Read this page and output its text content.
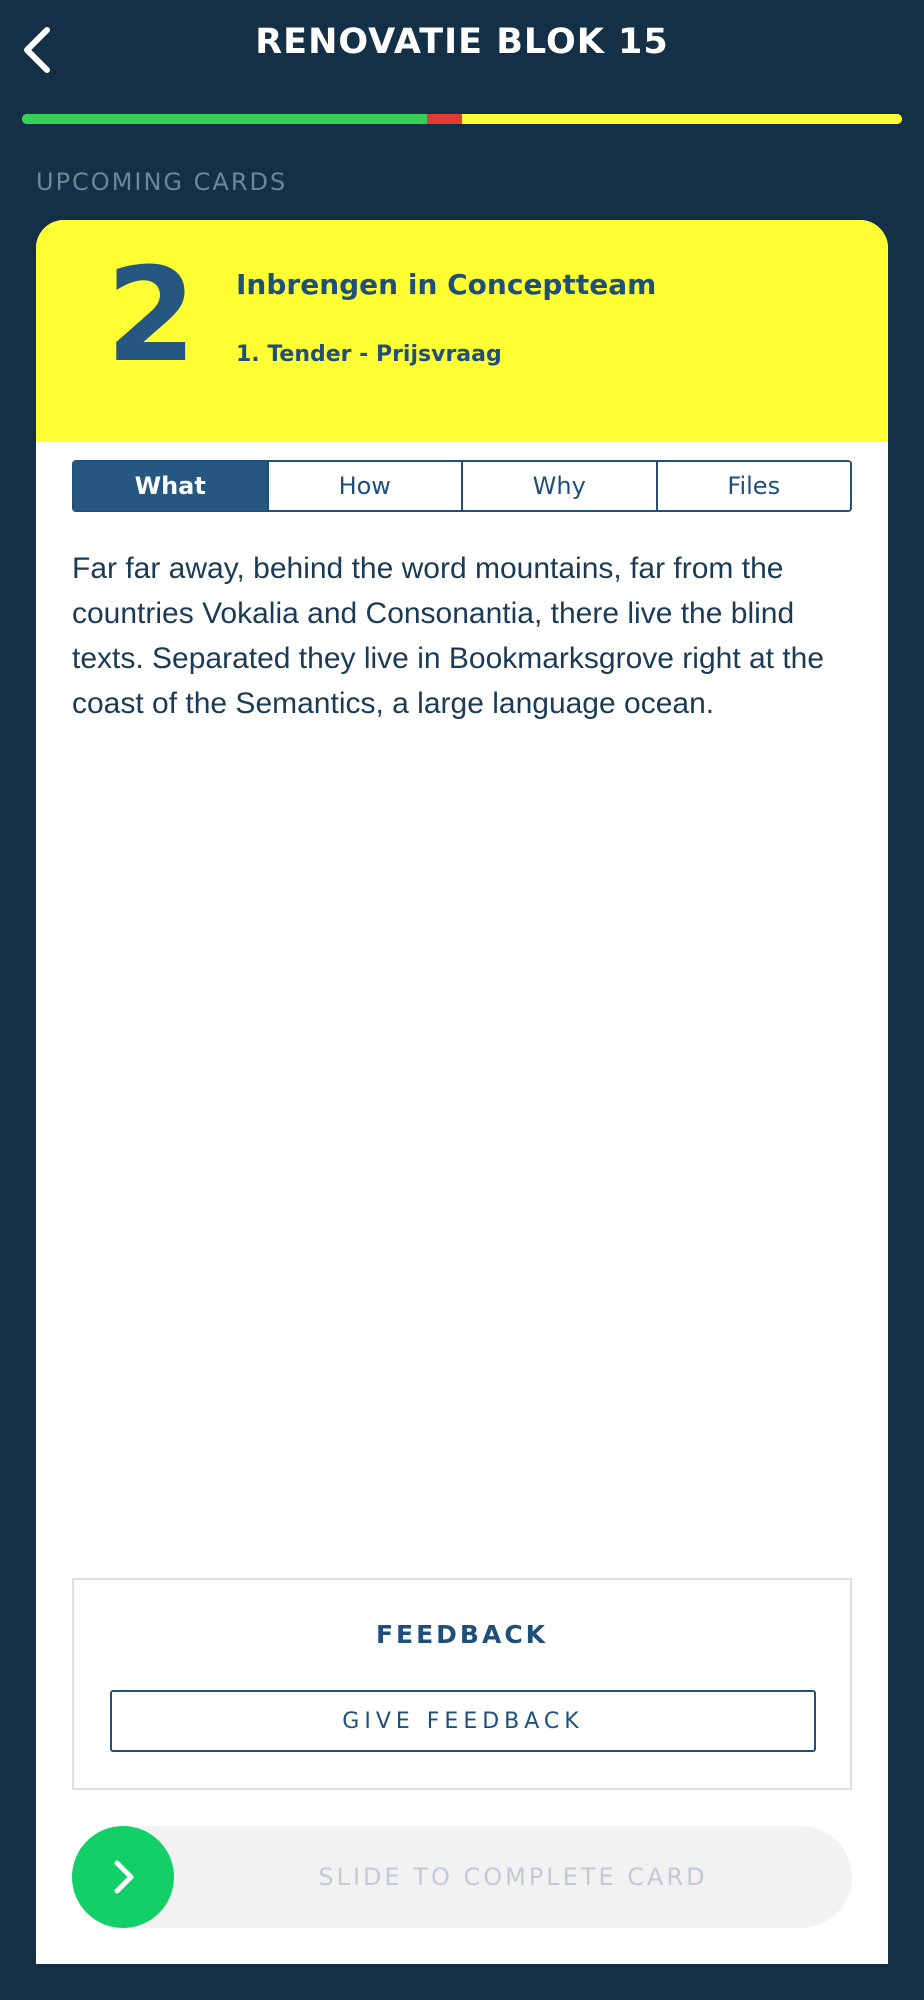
RENOVATIE BLOK 15
UPCOMING CARDS
2	Inbrengen in Conceptteam
1. Tender - Prijsvraag
What	How	Why	Files
Far far away, behind the word mountains, far from the countries Vokalia and Consonantia, there live the blind texts. Separated they live in Bookmarksgrove right at the coast of the Semantics, a large language ocean.
FEEDBACK
GIVE FEEDBACK
SLIDE TO COMPLETE CARD
